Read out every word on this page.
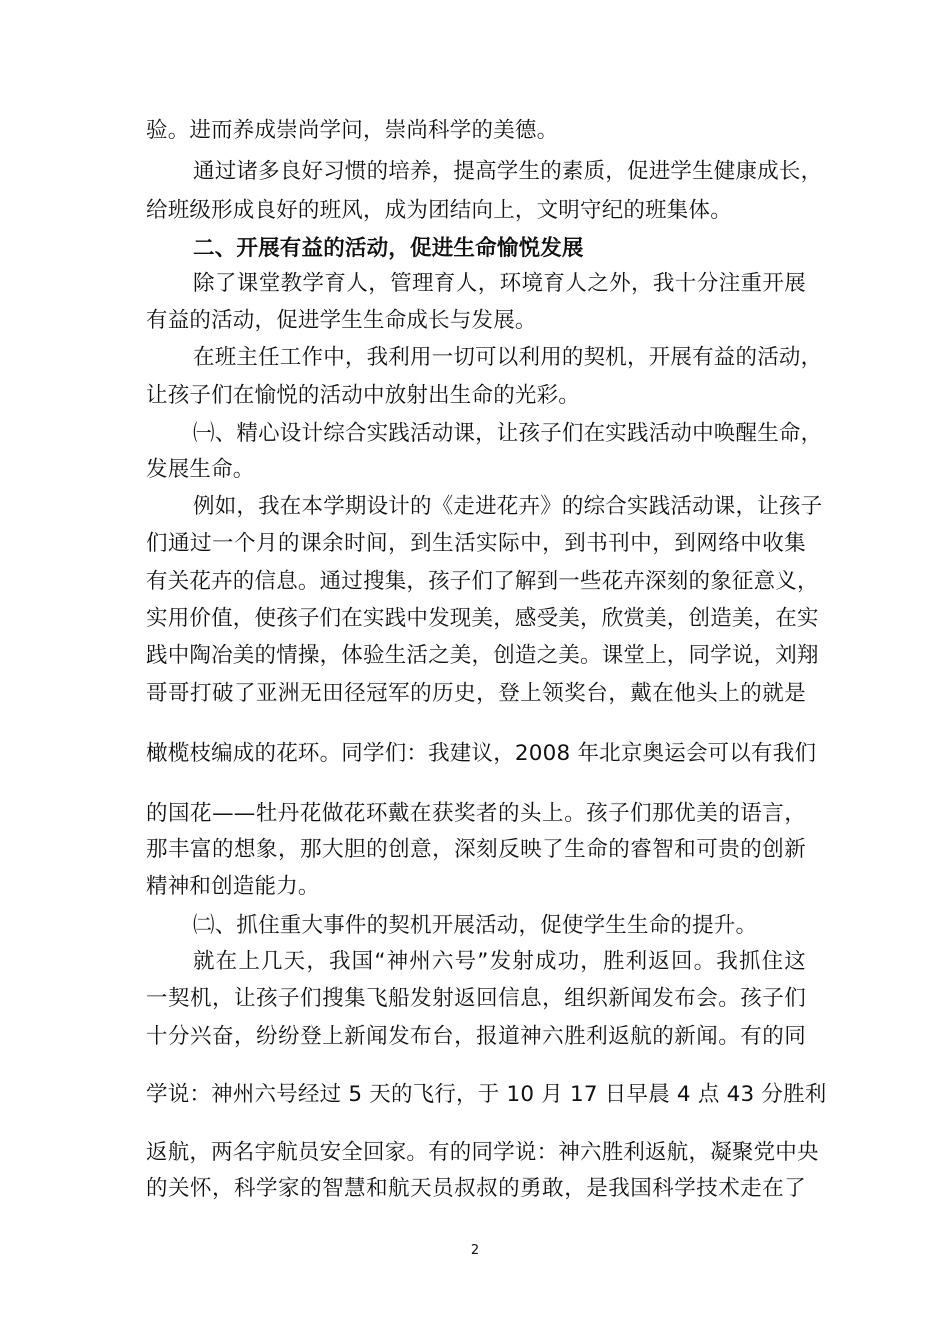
验。进而养成崇尚学问，崇尚科学的美德。
通过诸多良好习惯的培养，提高学生的素质，促进学生健康成长，
给班级形成良好的班风，成为团结向上，文明守纪的班集体。
二、开展有益的活动，促进生命愉悦发展
除了课堂教学育人，管理育人，环境育人之外，我十分注重开展
有益的活动，促进学生生命成长与发展。
在班主任工作中，我利用一切可以利用的契机，开展有益的活动，
让孩子们在愉悦的活动中放射出生命的光彩。
㈠、精心设计综合实践活动课，让孩子们在实践活动中唤醒生命，
发展生命。
例如，我在本学期设计的《走进花卉》的综合实践活动课，让孩子
们通过一个月的课余时间，到生活实际中，到书刊中，到网络中收集
有关花卉的信息。通过搜集，孩子们了解到一些花卉深刻的象征意义，
实用价值，使孩子们在实践中发现美，感受美，欣赏美，创造美，在实
践中陶冶美的情操，体验生活之美，创造之美。课堂上，同学说，刘翔
哥哥打破了亚洲无田径冠军的历史，登上领奖台，戴在他头上的就是
橄榄枝编成的花环。同学们：我建议，2008 年北京奥运会可以有我们
的国花——牡丹花做花环戴在获奖者的头上。孩子们那优美的语言，
那丰富的想象，那大胆的创意，深刻反映了生命的睿智和可贵的创新
精神和创造能力。
㈡、抓住重大事件的契机开展活动，促使学生生命的提升。
就在上几天，我国“神州六号”发射成功，胜利返回。我抓住这
一契机，让孩子们搜集飞船发射返回信息，组织新闻发布会。孩子们
十分兴奋，纷纷登上新闻发布台，报道神六胜利返航的新闻。有的同
学说：神州六号经过 5 天的飞行，于 10 月 17 日早晨 4 点 43 分胜利
返航，两名宇航员安全回家。有的同学说：神六胜利返航，凝聚党中央
的关怀，科学家的智慧和航天员叔叔的勇敢，是我国科学技术走在了
2
